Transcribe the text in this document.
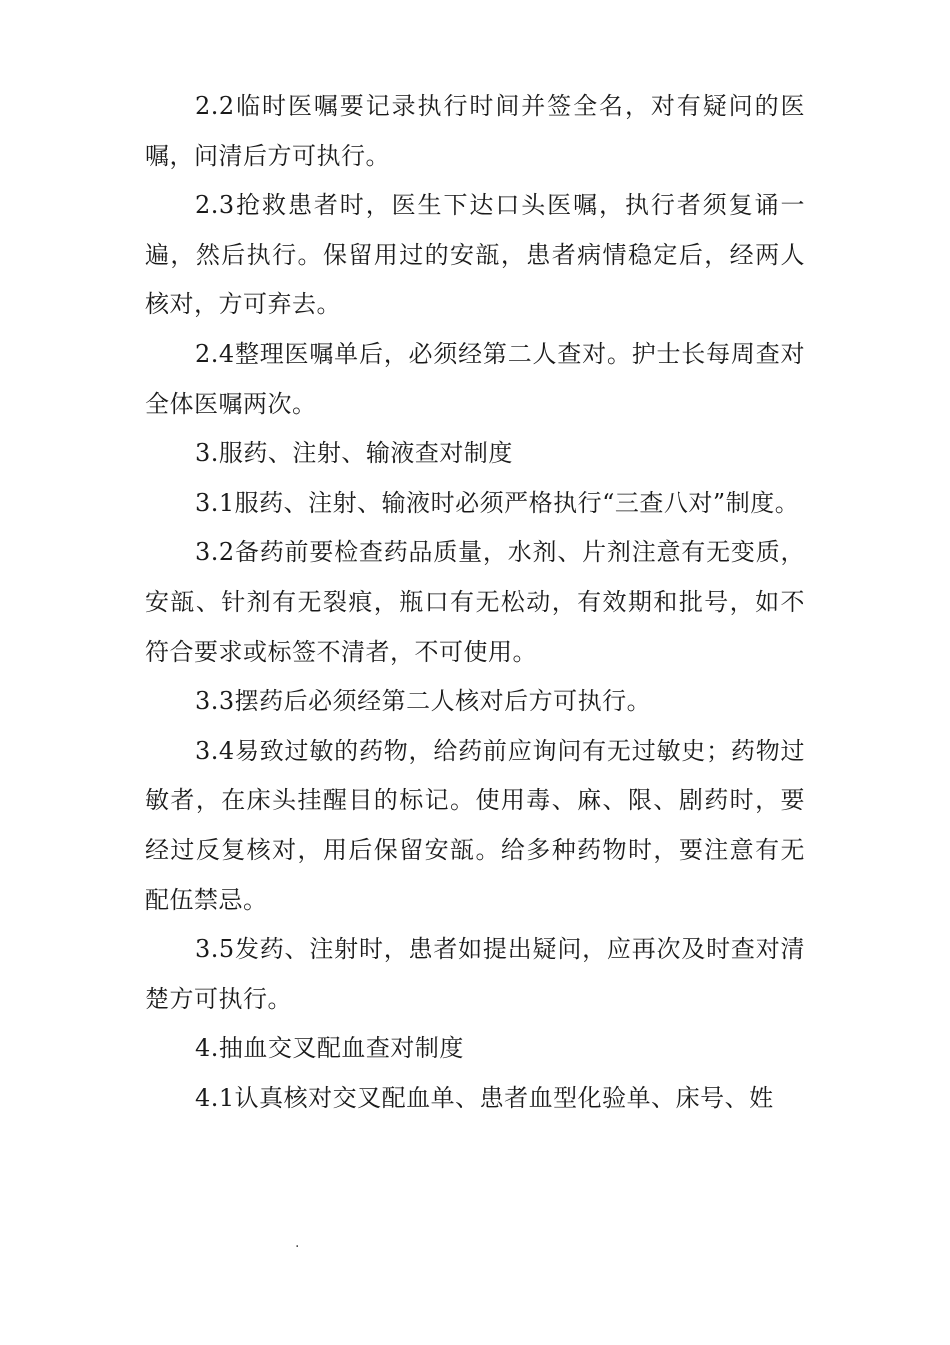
2.2临时医嘱要记录执行时间并签全名，对有疑问的医嘱，问清后方可执行。

2.3抢救患者时，医生下达口头医嘱，执行者须复诵一遍，然后执行。保留用过的安瓿，患者病情稳定后，经两人核对，方可弃去。

2.4整理医嘱单后，必须经第二人查对。护士长每周查对全体医嘱两次。

3.服药、注射、输液查对制度

3.1服药、注射、输液时必须严格执行“三查八对”制度。

3.2备药前要检查药品质量，水剂、片剂注意有无变质，安瓿、针剂有无裂痕，瓶口有无松动，有效期和批号，如不符合要求或标签不清者，不可使用。

3.3摆药后必须经第二人核对后方可执行。

3.4易致过敏的药物，给药前应询问有无过敏史；药物过敏者，在床头挂醒目的标记。使用毒、麻、限、剧药时，要经过反复核对，用后保留安瓿。给多种药物时，要注意有无配伍禁忌。

3.5发药、注射时，患者如提出疑问，应再次及时查对清楚方可执行。

4.抽血交叉配血查对制度

4.1认真核对交叉配血单、患者血型化验单、床号、姓

.
